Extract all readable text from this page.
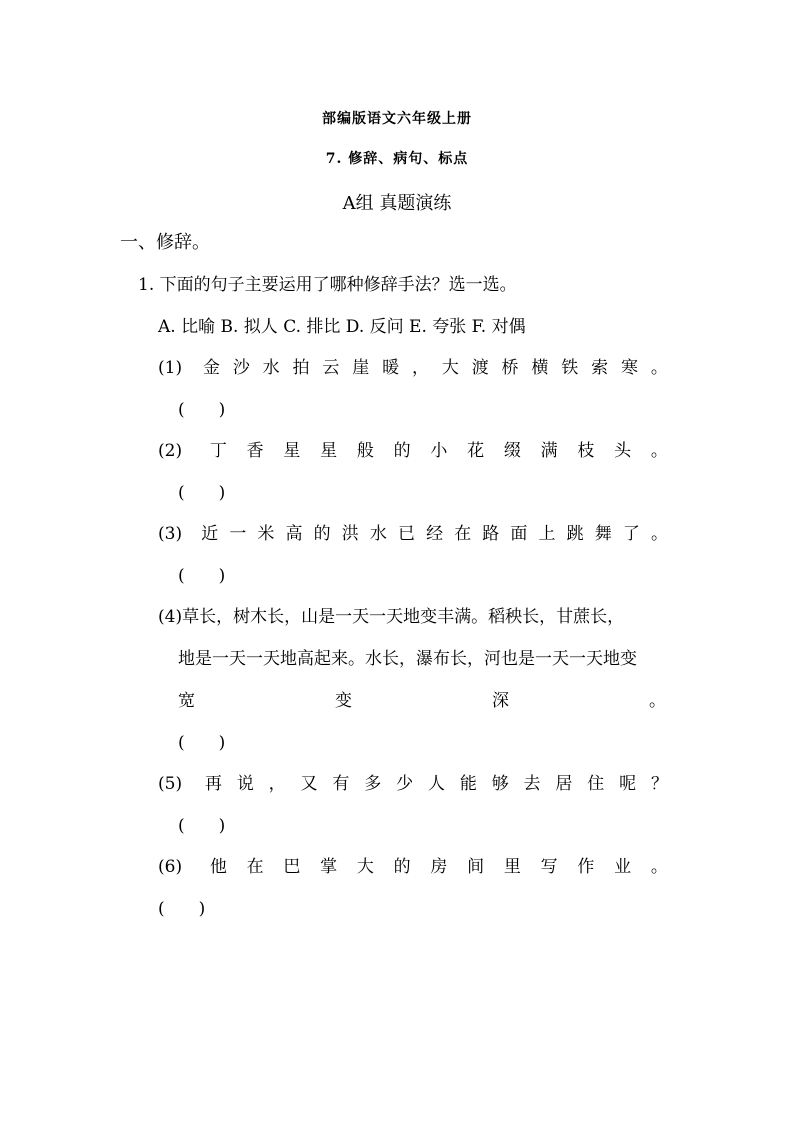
部编版语文六年级上册
7. 修辞、病句、标点
A组 真题演练
一、修辞。
1. 下面的句子主要运用了哪种修辞手法？选一选。
A. 比喻 B. 拟人 C. 排比 D. 反问 E. 夸张 F. 对偶
(1) 金 沙 水 拍 云 崖 暖 ， 大 渡 桥 横 铁 索 寒 。
(　　)
(2) 丁 香 星 星 般 的 小 花 缀 满 枝 头 。
(　　)
(3) 近 一 米 高 的 洪 水 已 经 在 路 面 上 跳 舞 了 。
(　　)
(4)草长，树木长，山是一天一天地变丰满。稻秧长，甘蔗长，
地是一天一天地高起来。水长，瀑布长，河也是一天一天地变
宽	变	深	。
(　　)
(5) 再 说 ， 又 有 多 少 人 能 够 去 居 住 呢 ？
(　　)
(6) 他 在 巴 掌 大 的 房 间 里 写 作 业 。
(　　)
